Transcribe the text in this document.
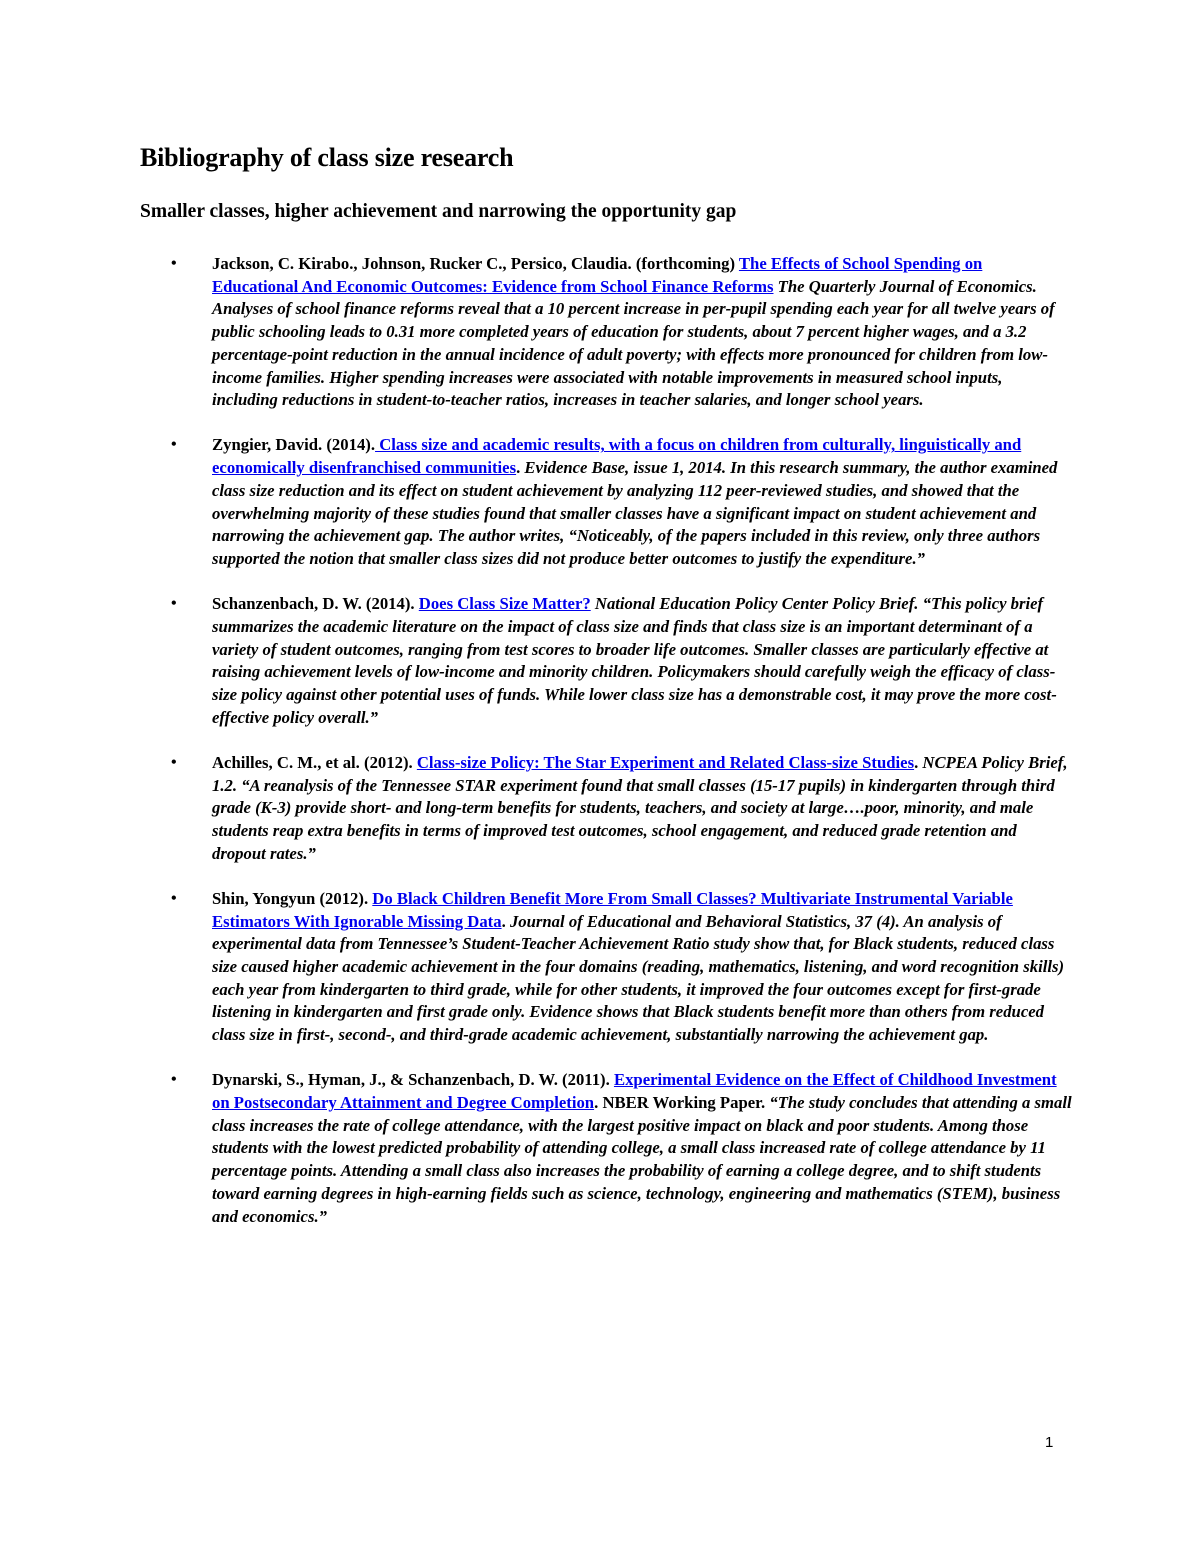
Bibliography of class size research
Smaller classes, higher achievement and narrowing the opportunity gap
• Jackson, C. Kirabo., Johnson, Rucker C., Persico, Claudia. (forthcoming) The Effects of School Spending on Educational And Economic Outcomes: Evidence from School Finance Reforms The Quarterly Journal of Economics. Analyses of school finance reforms reveal that a 10 percent increase in per-pupil spending each year for all twelve years of public schooling leads to 0.31 more completed years of education for students, about 7 percent higher wages, and a 3.2 percentage-point reduction in the annual incidence of adult poverty; with effects more pronounced for children from low-income families. Higher spending increases were associated with notable improvements in measured school inputs, including reductions in student-to-teacher ratios, increases in teacher salaries, and longer school years.
• Zyngier, David. (2014). Class size and academic results, with a focus on children from culturally, linguistically and economically disenfranchised communities. Evidence Base, issue 1, 2014. In this research summary, the author examined class size reduction and its effect on student achievement by analyzing 112 peer-reviewed studies, and showed that the overwhelming majority of these studies found that smaller classes have a significant impact on student achievement and narrowing the achievement gap. The author writes, “Noticeably, of the papers included in this review, only three authors supported the notion that smaller class sizes did not produce better outcomes to justify the expenditure.”
• Schanzenbach, D. W. (2014). Does Class Size Matter? National Education Policy Center Policy Brief. “This policy brief summarizes the academic literature on the impact of class size and finds that class size is an important determinant of a variety of student outcomes, ranging from test scores to broader life outcomes. Smaller classes are particularly effective at raising achievement levels of low-income and minority children. Policymakers should carefully weigh the efficacy of class-size policy against other potential uses of funds. While lower class size has a demonstrable cost, it may prove the more cost-effective policy overall.”
• Achilles, C. M., et al. (2012). Class-size Policy: The Star Experiment and Related Class-size Studies. NCPEA Policy Brief, 1.2. “A reanalysis of the Tennessee STAR experiment found that small classes (15-17 pupils) in kindergarten through third grade (K-3) provide short- and long-term benefits for students, teachers, and society at large….poor, minority, and male students reap extra benefits in terms of improved test outcomes, school engagement, and reduced grade retention and dropout rates.”
• Shin, Yongyun (2012). Do Black Children Benefit More From Small Classes? Multivariate Instrumental Variable Estimators With Ignorable Missing Data. Journal of Educational and Behavioral Statistics, 37 (4). An analysis of experimental data from Tennessee’s Student-Teacher Achievement Ratio study show that, for Black students, reduced class size caused higher academic achievement in the four domains (reading, mathematics, listening, and word recognition skills) each year from kindergarten to third grade, while for other students, it improved the four outcomes except for first-grade listening in kindergarten and first grade only. Evidence shows that Black students benefit more than others from reduced class size in first-, second-, and third-grade academic achievement, substantially narrowing the achievement gap.
• Dynarski, S., Hyman, J., & Schanzenbach, D. W. (2011). Experimental Evidence on the Effect of Childhood Investment on Postsecondary Attainment and Degree Completion. NBER Working Paper. “The study concludes that attending a small class increases the rate of college attendance, with the largest positive impact on black and poor students. Among those students with the lowest predicted probability of attending college, a small class increased rate of college attendance by 11 percentage points. Attending a small class also increases the probability of earning a college degree, and to shift students toward earning degrees in high-earning fields such as science, technology, engineering and mathematics (STEM), business and economics.”
1
